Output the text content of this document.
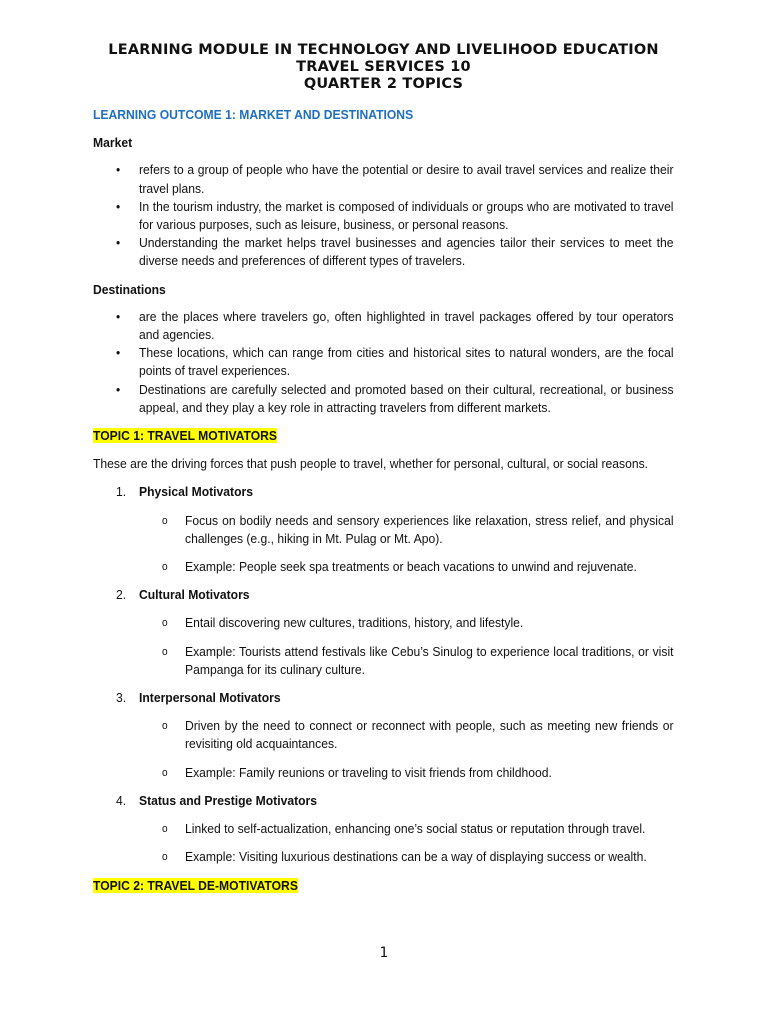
LEARNING MODULE IN TECHNOLOGY AND LIVELIHOOD EDUCATION
TRAVEL SERVICES 10
QUARTER 2 TOPICS
LEARNING OUTCOME 1: MARKET AND DESTINATIONS
Market
• refers to a group of people who have the potential or desire to avail travel services and realize their travel plans.
• In the tourism industry, the market is composed of individuals or groups who are motivated to travel for various purposes, such as leisure, business, or personal reasons.
• Understanding the market helps travel businesses and agencies tailor their services to meet the diverse needs and preferences of different types of travelers.
Destinations
• are the places where travelers go, often highlighted in travel packages offered by tour operators and agencies.
• These locations, which can range from cities and historical sites to natural wonders, are the focal points of travel experiences.
• Destinations are carefully selected and promoted based on their cultural, recreational, or business appeal, and they play a key role in attracting travelers from different markets.
TOPIC 1: TRAVEL MOTIVATORS
These are the driving forces that push people to travel, whether for personal, cultural, or social reasons.
1. Physical Motivators
o Focus on bodily needs and sensory experiences like relaxation, stress relief, and physical challenges (e.g., hiking in Mt. Pulag or Mt. Apo).
o Example: People seek spa treatments or beach vacations to unwind and rejuvenate.
2. Cultural Motivators
o Entail discovering new cultures, traditions, history, and lifestyle.
o Example: Tourists attend festivals like Cebu’s Sinulog to experience local traditions, or visit Pampanga for its culinary culture.
3. Interpersonal Motivators
o Driven by the need to connect or reconnect with people, such as meeting new friends or revisiting old acquaintances.
o Example: Family reunions or traveling to visit friends from childhood.
4. Status and Prestige Motivators
o Linked to self-actualization, enhancing one’s social status or reputation through travel.
o Example: Visiting luxurious destinations can be a way of displaying success or wealth.
TOPIC 2: TRAVEL DE-MOTIVATORS
1
